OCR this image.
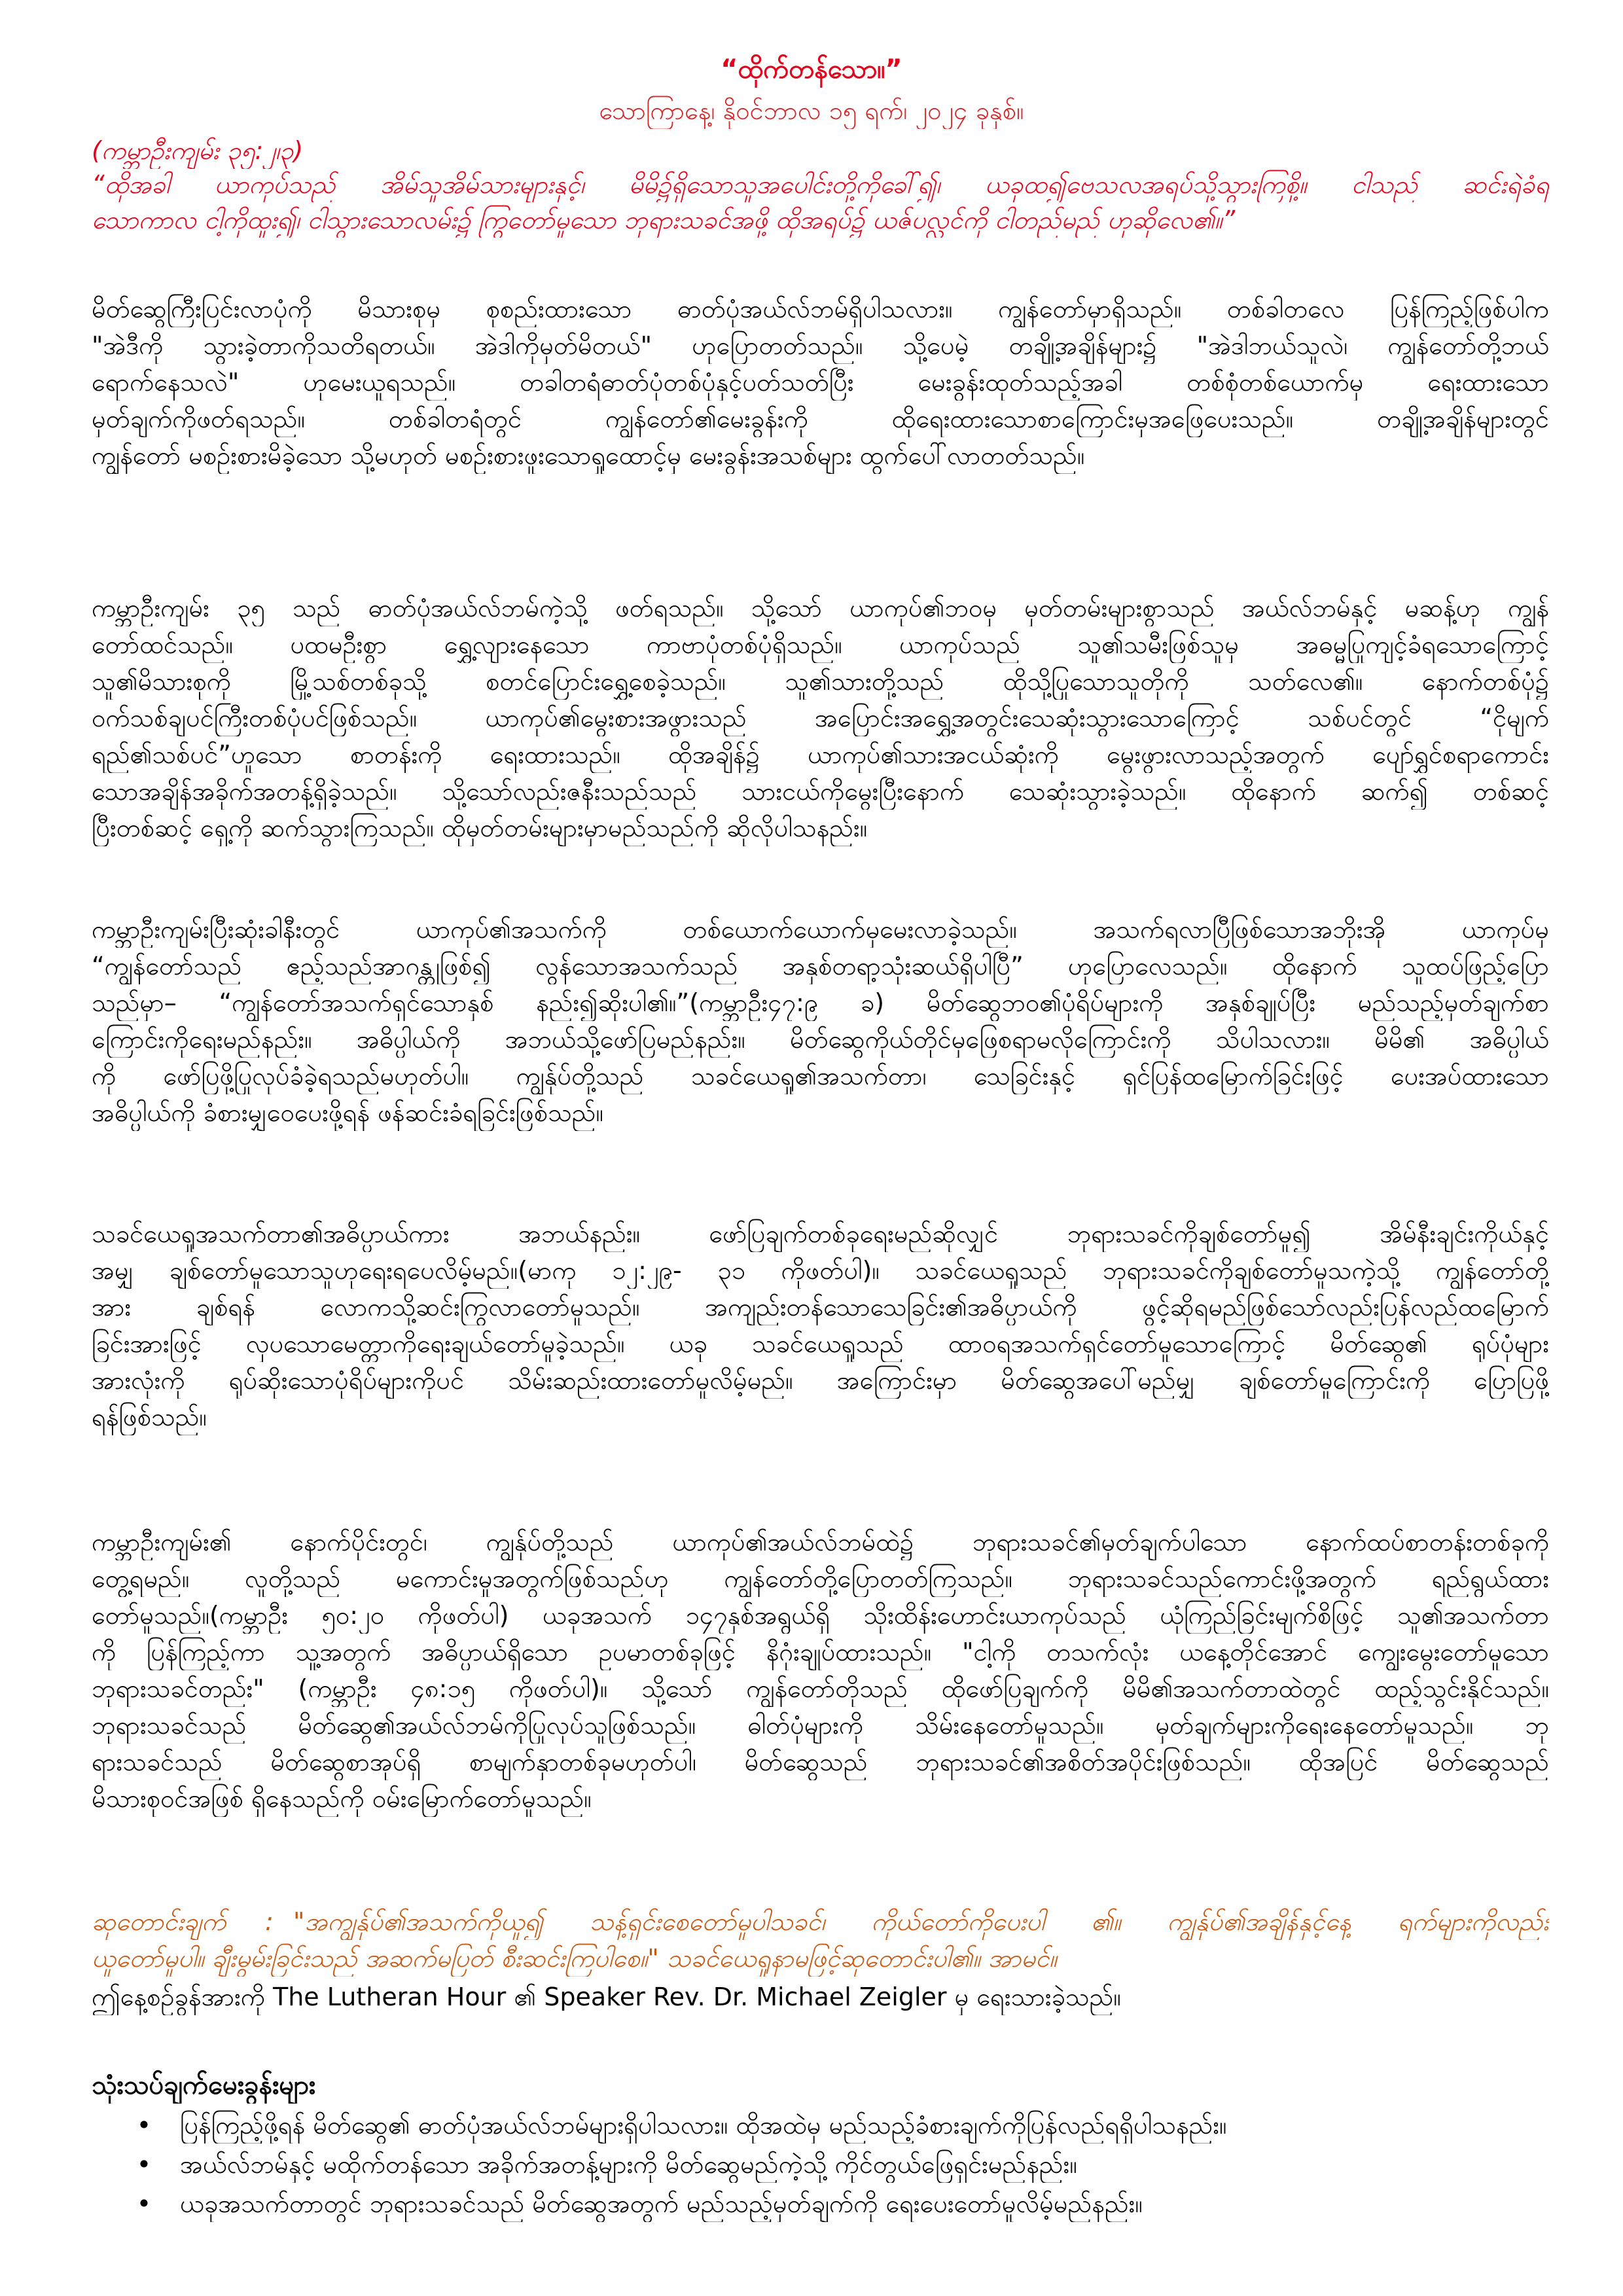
“ထိုက်တန်သော။”
သောကြာနေ့၊ နိုဝင်ဘာလ ၁၅ ရက်၊ ၂၀၂၄ ခုနှစ်။
(ကမ္ဘာဦးကျမ်း ၃၅:၂၊၃)
“ထိုအခါ ယာကုပ်သည် အိမ်သူအိမ်သားများနှင့်၊ မိမိ၌ရှိသောသူအပေါင်းတို့ကိုခေါ်၍၊ ယခုထ၍ဗေသလအရပ်သို့သွားကြစို့။ ငါသည် ဆင်းရဲခံရ
သောကာလ ငါ့ကိုထူး၍၊ ငါသွားသောလမ်း၌ ကြွတော်မူသော ဘုရားသခင်အဖို့ ထိုအရပ်၌ ယဇ်ပလ္လင်ကို ငါတည်မည် ဟုဆိုလေ၏။”
မိတ်ဆွေကြီးပြင်းလာပုံကို မိသားစုမှ စုစည်းထားသော ဓာတ်ပုံအယ်လ်ဘမ်ရှိပါသလား။ ကျွန်တော်မှာရှိသည်။ တစ်ခါတလေ ပြန်ကြည့်ဖြစ်ပါက
"အဲဒီကို သွားခဲ့တာကိုသတိရတယ်။ အဲဒါကိုမှတ်မိတယ်" ဟုပြောတတ်သည်။ သို့ပေမဲ့ တချို့အချိန်များ၌ "အဲဒါဘယ်သူလဲ၊ ကျွန်တော်တို့ဘယ်
ရောက်နေသလဲ" ဟုမေးယူရသည်။ တခါတရံဓာတ်ပုံတစ်ပုံနှင့်ပတ်သတ်ပြီး မေးခွန်းထုတ်သည့်အခါ တစ်စုံတစ်ယောက်မှ ရေးထားသော
မှတ်ချက်ကိုဖတ်ရသည်။ တစ်ခါတရံတွင် ကျွန်တော်၏မေးခွန်းကို ထိုရေးထားသောစာကြောင်းမှအဖြေပေးသည်။ တချို့အချိန်များတွင်
ကျွန်တော် မစဉ်းစားမိခဲ့သော သို့မဟုတ် မစဉ်းစားဖူးသောရှုထောင့်မှ မေးခွန်းအသစ်များ ထွက်ပေါ်လာတတ်သည်။
ကမ္ဘာဦးကျမ်း ၃၅ သည် ဓာတ်ပုံအယ်လ်ဘမ်ကဲ့သို့ ဖတ်ရသည်။ သို့သော် ယာကုပ်၏ဘဝမှ မှတ်တမ်းများစွာသည် အယ်လ်ဘမ်နှင့် မဆန့်ဟု ကျွန်
တော်ထင်သည်။ ပထမဦးစွာ ရွှေ့လျားနေသော ကာဗာပုံတစ်ပုံရှိသည်။ ယာကုပ်သည် သူ၏သမီးဖြစ်သူမှ အဓမ္မပြုကျင့်ခံရသောကြောင့်
သူ၏မိသားစုကို မြို့သစ်တစ်ခုသို့ စတင်ပြောင်းရွှေ့စေခဲ့သည်။ သူ၏သားတို့သည် ထိုသို့ပြုသောသူတိုကို သတ်လေ၏။ နောက်တစ်ပုံ၌
ဝက်သစ်ချပင်ကြီးတစ်ပုံပင်ဖြစ်သည်။ ယာကုပ်၏မွေးစားအဖွားသည် အပြောင်းအရွှေ့အတွင်းသေဆုံးသွားသောကြောင့် သစ်ပင်တွင် “ငိုမျက်
ရည်၏သစ်ပင်”ဟူသော စာတန်းကို ရေးထားသည်။ ထိုအချိန်၌ ယာကုပ်၏သားအငယ်ဆုံးကို မွေးဖွားလာသည့်အတွက် ပျော်ရွှင်စရာကောင်း
သောအချိန်အခိုက်အတန့်ရှိခဲ့သည်။ သို့သော်လည်းဇနီးသည်သည် သားငယ်ကိုမွေးပြီးနောက် သေဆုံးသွားခဲ့သည်။ ထိုနောက် ဆက်၍ တစ်ဆင့်
ပြီးတစ်ဆင့် ရှေ့ကို ဆက်သွားကြသည်။ ထိုမှတ်တမ်းများမှာမည်သည်ကို ဆိုလိုပါသနည်း။
ကမ္ဘာဦးကျမ်းပြီးဆုံးခါနီးတွင် ယာကုပ်၏အသက်ကို တစ်ယောက်ယောက်မှမေးလာခဲ့သည်။ အသက်ရလာပြီဖြစ်သောအဘိုးအို ယာကုပ်မှ
“ကျွန်တော်သည် ဧည့်သည်အာဂန္တုဖြစ်၍ လွန်သောအသက်သည် အနှစ်တရာ့သုံးဆယ်ရှိပါပြီ” ဟုပြောလေသည်။ ထိုနောက် သူထပ်ဖြည့်ပြော
သည်မှာ– “ကျွန်တော်အသက်ရှင်သောနှစ် နည်း၍ဆိုးပါ၏။”(ကမ္ဘာဦး၄၇:၉ ခ) မိတ်ဆွေဘဝ၏ပုံရိပ်များကို အနှစ်ချုပ်ပြီး မည်သည့်မှတ်ချက်စာ
ကြောင်းကိုရေးမည်နည်း။ အဓိပ္ပါယ်ကို အဘယ်သို့ဖော်ပြမည်နည်း။ မိတ်ဆွေကိုယ်တိုင်မှဖြေစရာမလိုကြောင်းကို သိပါသလား။ မိမိ၏ အဓိပ္ပါယ်
ကို ဖော်ပြဖို့ပြုလုပ်ခံခဲ့ရသည်မဟုတ်ပါ။ ကျွန်ုပ်တို့သည် သခင်ယေရှု၏အသက်တာ၊ သေခြင်းနှင့် ရှင်ပြန်ထမြောက်ခြင်းဖြင့် ပေးအပ်ထားသော
အဓိပ္ပါယ်ကို ခံစားမျှဝေပေးဖို့ရန် ဖန်ဆင်းခံရခြင်းဖြစ်သည်။
သခင်ယေရှုအသက်တာ၏အဓိပ္ပာယ်ကား အဘယ်နည်း။ ဖော်ပြချက်တစ်ခုရေးမည်ဆိုလျှင် ဘုရားသခင်ကိုချစ်တော်မူ၍ အိမ်နီးချင်းကိုယ်နှင့်
အမျှ ချစ်တော်မူသောသူဟုရေးရပေလိမ့်မည်။(မာကု ၁၂:၂၉- ၃၁ ကိုဖတ်ပါ)။ သခင်ယေရှုသည် ဘုရားသခင်ကိုချစ်တော်မူသကဲ့သို့ ကျွန်တော်တို့
အား ချစ်ရန် လောကသို့ဆင်းကြွလာတော်မူသည်။ အကျည်းတန်သောသေခြင်း၏အဓိပ္ပာယ်ကို ဖွင့်ဆိုရမည်ဖြစ်သော်လည်းပြန်လည်ထမြောက်
ခြင်းအားဖြင့် လှပသောမေတ္တာကိုရေးချယ်တော်မူခဲ့သည်။ ယခု သခင်ယေရှုသည် ထာဝရအသက်ရှင်တော်မူသောကြောင့် မိတ်ဆွေ၏ ရုပ်ပုံများ
အားလုံးကို ရုပ်ဆိုးသောပုံရိပ်များကိုပင် သိမ်းဆည်းထားတော်မူလိမ့်မည်။ အကြောင်းမှာ မိတ်ဆွေအပေါ်မည်မျှ ချစ်တော်မူကြောင်းကို ပြောပြဖို့
ရန်ဖြစ်သည်။
ကမ္ဘာဦးကျမ်း၏ နောက်ပိုင်းတွင်၊ ကျွန်ုပ်တို့သည် ယာကုပ်၏အယ်လ်ဘမ်ထဲ၌ ဘုရားသခင်၏မှတ်ချက်ပါသော နောက်ထပ်စာတန်းတစ်ခုကို
တွေ့ရမည်။ လူတို့သည် မကောင်းမှုအတွက်ဖြစ်သည်ဟု ကျွန်တော်တို့ပြောတတ်ကြသည်။ ဘုရားသခင်သည်ကောင်းဖို့အတွက် ရည်ရွယ်ထား
တော်မူသည်။(ကမ္ဘာဦး ၅၀:၂၀ ကိုဖတ်ပါ) ယခုအသက် ၁၄၇နှစ်အရွယ်ရှိ သိုးထိန်းဟောင်းယာကုပ်သည် ယုံကြည်ခြင်းမျက်စိဖြင့် သူ၏အသက်တာ
ကို ပြန်ကြည့်ကာ သူ့အတွက် အဓိပ္ပာယ်ရှိသော ဥပမာတစ်ခုဖြင့် နိဂုံးချုပ်ထားသည်။ "ငါ့ကို တသက်လုံး ယနေ့တိုင်အောင် ကျွေးမွေးတော်မူသော
ဘုရားသခင်တည်း" (ကမ္ဘာဦး ၄၈:၁၅ ကိုဖတ်ပါ)။ သို့သော် ကျွန်တော်တိုသည် ထိုဖော်ပြချက်ကို မိမိ၏အသက်တာထဲတွင် ထည့်သွင်းနိုင်သည်။
ဘုရားသခင်သည် မိတ်ဆွေ၏အယ်လ်ဘမ်ကိုပြုလုပ်သူဖြစ်သည်။ ဓါတ်ပုံများကို သိမ်းနေတော်မူသည်။ မှတ်ချက်များကိုရေးနေတော်မူသည်။ ဘု
ရားသခင်သည် မိတ်ဆွေစာအုပ်ရှိ စာမျက်နှာတစ်ခုမဟုတ်ပါ၊ မိတ်ဆွေသည် ဘုရားသခင်၏အစိတ်အပိုင်းဖြစ်သည်။ ထိုအပြင် မိတ်ဆွေသည်
မိသားစုဝင်အဖြစ် ရှိနေသည်ကို ဝမ်းမြောက်တော်မူသည်။
ဆုတောင်းချက်	: "အကျွန်ုပ်၏အသက်ကိုယူ၍ သန့်ရှင်းစေတော်မူပါသခင်၊ ကိုယ်တော်ကိုပေးပါ ၏။ ကျွန်ုပ်၏အချိန်နှင့်နေ့ ရက်များကိုလည်း
ယူတော်မူပါ။ ချီးမွမ်းခြင်းသည် အဆက်မပြတ် စီးဆင်းကြပါစေ။" သခင်ယေရှုနာမဖြင့်ဆုတောင်းပါ၏။ အာမင်။
ဤနေ့စဉ်ခွန်အားကို The Lutheran Hour ၏ Speaker Rev. Dr. Michael Zeigler မှ ရေးသားခဲ့သည်။
သုံးသပ်ချက်မေးခွန်းများ
• ပြန်ကြည့်ဖို့ရန် မိတ်ဆွေ၏ ဓာတ်ပုံအယ်လ်ဘမ်များရှိပါသလား။ ထိုအထဲမှ မည်သည့်ခံစားချက်ကိုပြန်လည်ရရှိပါသနည်း။
• အယ်လ်ဘမ်နှင့် မထိုက်တန်သော အခိုက်အတန့်များကို မိတ်ဆွေမည်ကဲ့သို့ ကိုင်တွယ်ဖြေရှင်းမည်နည်း။
• ယခုအသက်တာတွင် ဘုရားသခင်သည် မိတ်ဆွေအတွက် မည်သည့်မှတ်ချက်ကို ရေးပေးတော်မူလိမ့်မည်နည်း။
